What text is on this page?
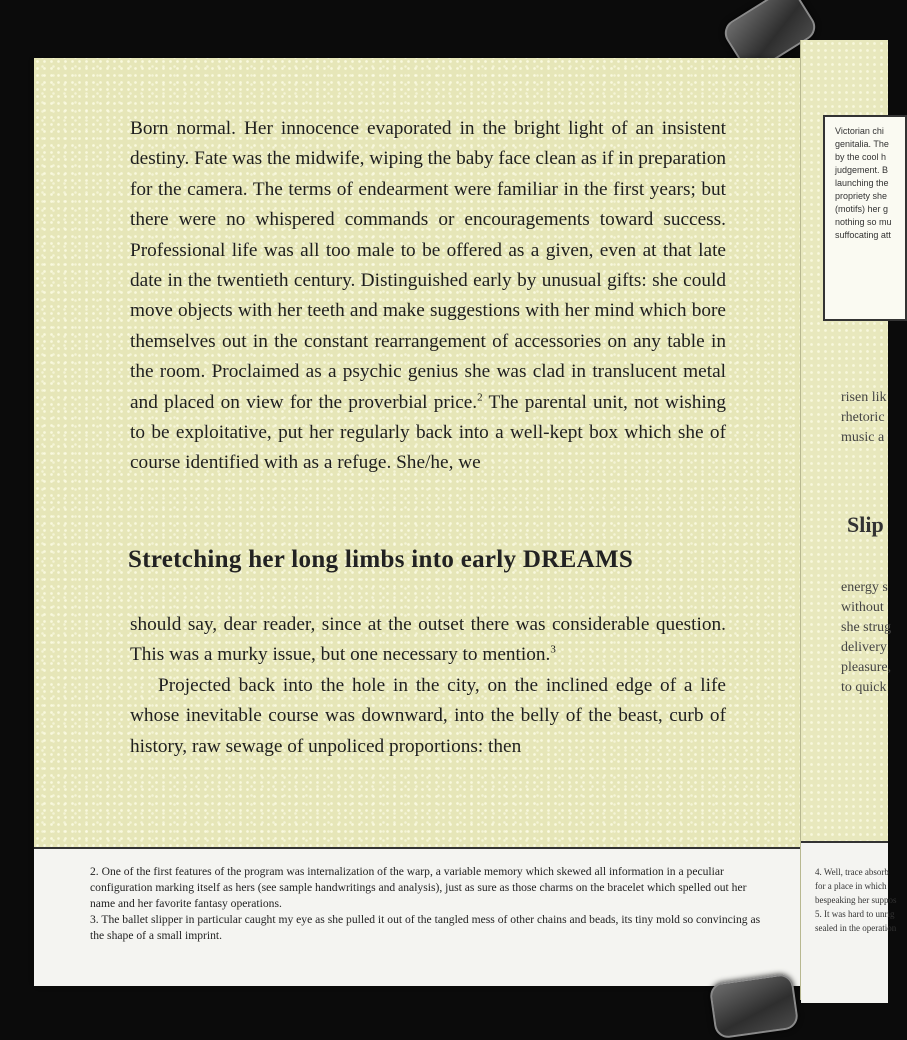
Born normal. Her innocence evaporated in the bright light of an insistent destiny. Fate was the midwife, wiping the baby face clean as if in preparation for the camera. The terms of endearment were familiar in the first years; but there were no whispered commands or encouragements toward success. Professional life was all too male to be offered as a given, even at that late date in the twentieth century. Distinguished early by unusual gifts: she could move objects with her teeth and make suggestions with her mind which bore themselves out in the constant rearrangement of accessories on any table in the room. Proclaimed as a psychic genius she was clad in translucent metal and placed on view for the proverbial price.$^2$ The parental unit, not wishing to be exploitative, put her regularly back into a well-kept box which she of course identified with as a refuge. She/he, we

Stretching her long limbs into early DREAMS

should say, dear reader, since at the outset there was considerable question. This was a murky issue, but one necessary to mention.$^3$

Projected back into the hole in the city, on the inclined edge of a life whose inevitable course was downward, into the belly of the beast, curb of history, raw sewage of unpoliced proportions: then

2. One of the first features of the program was internalization of the warp, a variable memory which skewed all information in a peculiar configuration marking itself as hers (see sample handwritings and analysis), just as sure as those charms on the bracelet which spelled out her name and her favorite fantasy operations.

3. The ballet slipper in particular caught my eye as she pulled it out of the tangled mess of other chains and beads, its tiny mold so convincing as the shape of a small imprint.

Victorian chi
genitalia. The
by the cool h
judgement. B
launching the
propriety she
(motifs) her g
nothing so mu
suffocating att

risen lik
rhetoric
music a

Slip

energy s
without
she strug
delivery
pleasure,
to quick

4. Well, trace absorb
for a place in which
bespeaking her suppos
5. It was hard to unrig
sealed in the operation
